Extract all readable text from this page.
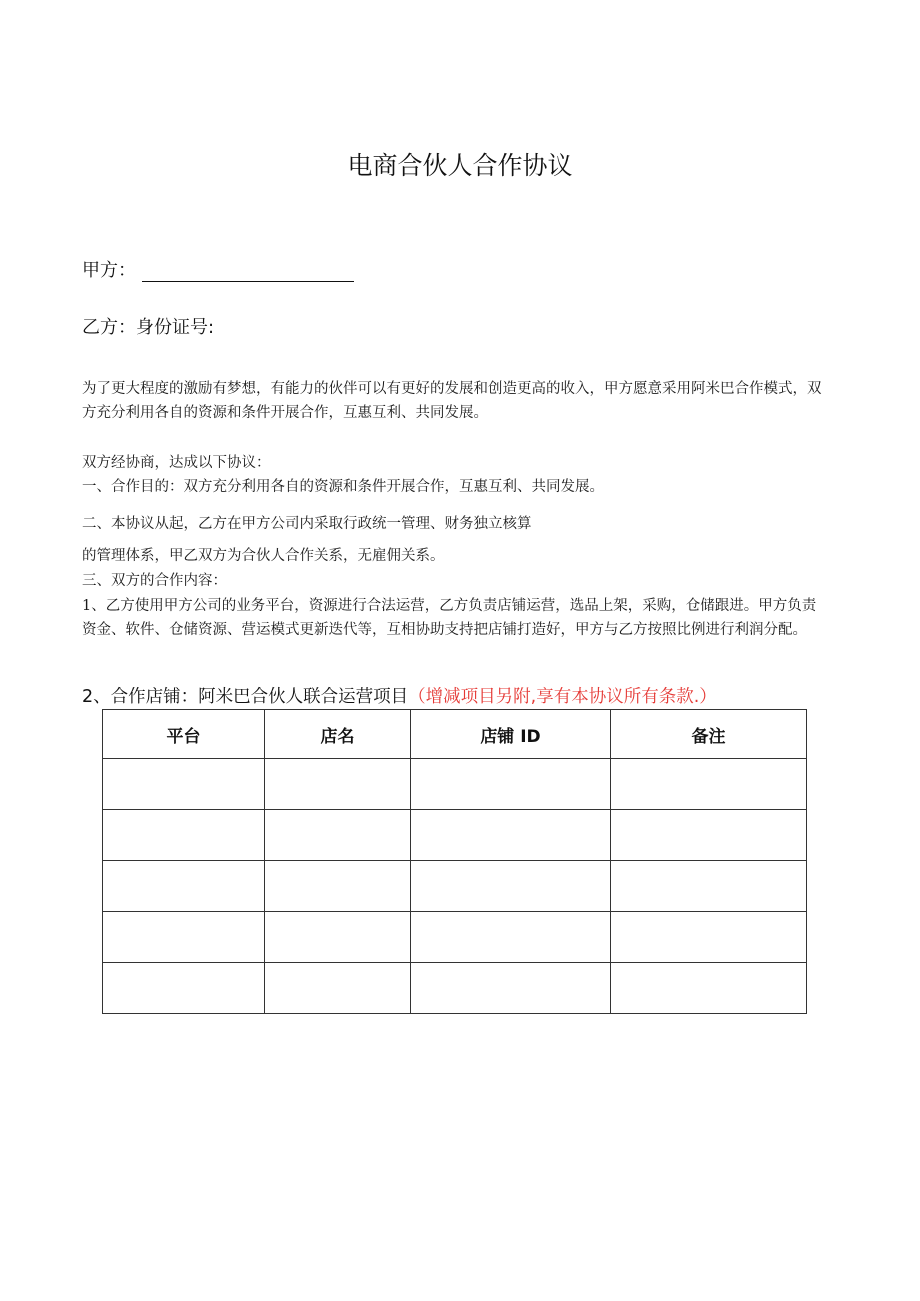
电商合伙人合作协议
甲方：
乙方：身份证号:
为了更大程度的激励有梦想，有能力的伙伴可以有更好的发展和创造更高的收入，甲方愿意采用阿米巴合作模式，双方充分利用各自的资源和条件开展合作，互惠互利、共同发展。
双方经协商，达成以下协议：
一、合作目的：双方充分利用各自的资源和条件开展合作，互惠互利、共同发展。
二、本协议从起，乙方在甲方公司内采取行政统一管理、财务独立核算
的管理体系，甲乙双方为合伙人合作关系，无雇佣关系。
三、双方的合作内容：
1、乙方使用甲方公司的业务平台，资源进行合法运营，乙方负责店铺运营，选品上架，采购，仓储跟进。甲方负责资金、软件、仓储资源、营运模式更新迭代等，互相协助支持把店铺打造好，甲方与乙方按照比例进行利润分配。
2、合作店铺：阿米巴合伙人联合运营项目（增减项目另附,享有本协议所有条款.）
平台	店名	店铺 ID	备注
